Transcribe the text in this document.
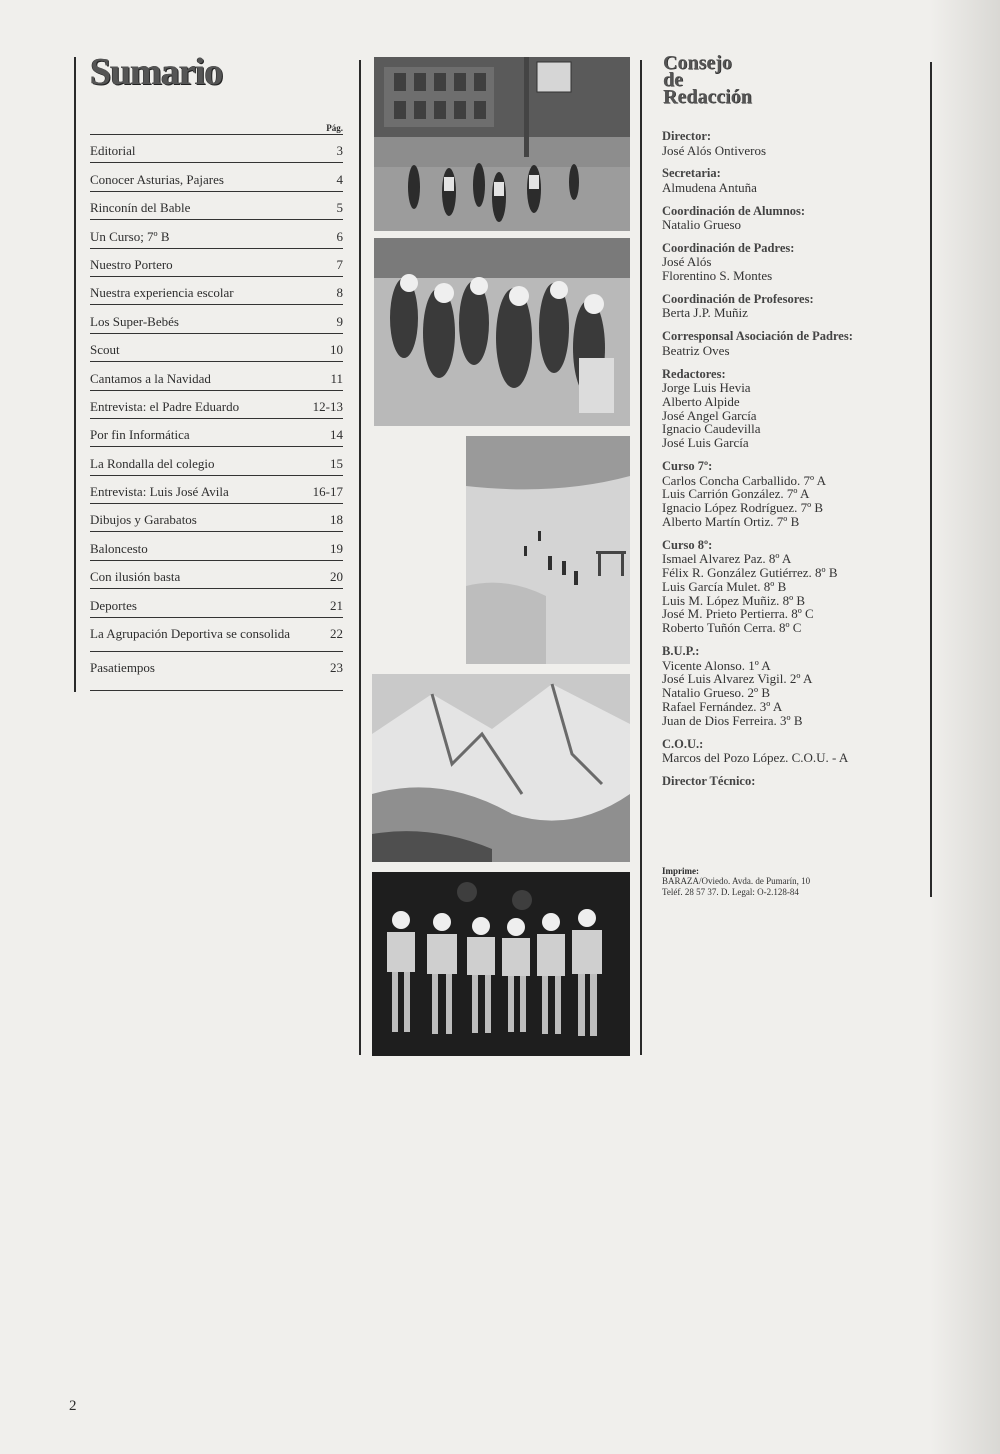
Sumario
Pág.
Editorial	3
Conocer Asturias, Pajares	4
Rinconín del Bable	5
Un Curso; 7º B	6
Nuestro Portero	7
Nuestra experiencia escolar	8
Los Super-Bebés	9
Scout	10
Cantamos a la Navidad	11
Entrevista: el Padre Eduardo	12-13
Por fin Informática	14
La Rondalla del colegio	15
Entrevista: Luis José Avila	16-17
Dibujos y Garabatos	18
Baloncesto	19
Con ilusión basta	20
Deportes	21
La Agrupación Deportiva se consolida	22
Pasatiempos	23
Consejo
de
Redacción
Director:
José Alós Ontiveros
Secretaria:
Almudena Antuña
Coordinación de Alumnos:
Natalio Grueso
Coordinación de Padres:
José Alós
Florentino S. Montes
Coordinación de Profesores:
Berta J.P. Muñiz
Corresponsal Asociación de Padres:
Beatriz Oves
Redactores:
Jorge Luis Hevia
Alberto Alpide
José Angel García
Ignacio Caudevilla
José Luis García
Curso 7º:
Carlos Concha Carballido. 7º A
Luis Carrión González. 7º A
Ignacio López Rodríguez. 7º B
Alberto Martín Ortiz. 7º B
Curso 8º:
Ismael Alvarez Paz. 8º A
Félix R. González Gutiérrez. 8º B
Luis García Mulet. 8º B
Luis M. López Muñiz. 8º B
José M. Prieto Pertierra. 8º C
Roberto Tuñón Cerra. 8º C
B.U.P.:
Vicente Alonso. 1º A
José Luis Alvarez Vigil. 2º A
Natalio Grueso. 2º B
Rafael Fernández. 3º A
Juan de Dios Ferreira. 3º B
C.O.U.:
Marcos del Pozo López. C.O.U. - A
Director Técnico:
Imprime:
BARAZA/Oviedo. Avda. de Pumarín, 10
Teléf. 28 57 37. D. Legal: O-2.128-84
2
